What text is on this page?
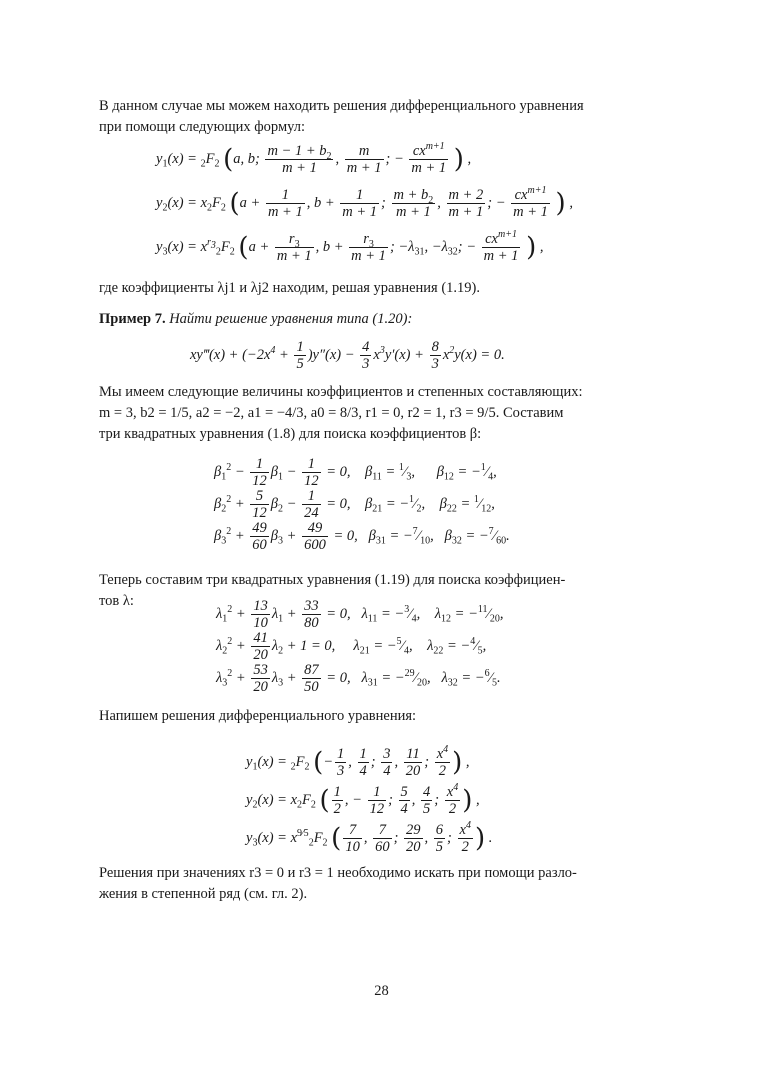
В данном случае мы можем находить решения дифференциального уравнения
при помощи следующих формул:
$y_1(x) = _2F_2$ (a, b; $\frac{m - 1 + b_2}{m + 1}$ , $\frac{m}{m + 1}$ ; − $\frac{cx^{m+1}}{m + 1}$ ) ,
$y_2(x) = x_2F_2$ ($a + \frac{1}{m + 1}$ , $b + \frac{1}{m + 1}$ ; $\frac{m + b_2}{m + 1}$ , $\frac{m + 2}{m + 1}$ ; − $\frac{cx^{m+1}}{m + 1}$ ) ,
$y_3(x) = x^{r_3}_2F_2$ ($a + \frac{r_3}{m + 1}$ , $b + \frac{r_3}{m + 1}$ ; $-\lambda_{31}$, $-\lambda_{32}$; − $\frac{cx^{m+1}}{m + 1}$ ) ,
где коэффициенты λj1 и λj2 находим, решая уравнения (1.19).
Пример 7. Найти решение уравнения типа (1.20):
xy‴(x) + $(-2x^4 + \frac{1}{5} )y''(x) - \frac{4}{3} x^3y'(x) + \frac{8}{3} x^2y(x) = 0$.
Мы имеем следующие величины коэффициентов и степенных составляющих:
m = 3, b2 = 1/5, a2 = −2, a1 = −4/3, a0 = 8/3, r1 = 0, r2 = 1, r3 = 9/5. Составим
три квадратных уравнения (1.8) для поиска коэффициентов β:
$\beta_1^2 - \frac{1}{12} \beta_1 - \frac{1}{12} = 0$,    $\beta_{11}$ = $^1⁄_3$,      $\beta_{12}$ = $-^1⁄_4$,
$\beta_2^2 + \frac{5}{12} \beta_2 - \frac{1}{24} = 0$,    $\beta_{21}$ = $-^1⁄_2$,    $\beta_{22}$ = $^1⁄_{12}$,
$\beta_3^2 + \frac{49}{60} \beta_3 + \frac{49}{600} = 0$,   $\beta_{31}$ = $-^7⁄_{10}$,   $\beta_{32}$ = $-^7⁄_{60}$.
Теперь составим три квадратных уравнения (1.19) для поиска коэффициен-
тов λ:
$\lambda_1^2 + \frac{13}{10} \lambda_1 + \frac{33}{80} = 0$,   $\lambda_{11}$ = $-^3⁄_4$,    $\lambda_{12}$ = $-^{11}⁄_{20}$,
$\lambda_2^2 + \frac{41}{20} \lambda_2 + 1 = 0$,     $\lambda_{21}$ = $-^5⁄_4$,    $\lambda_{22}$ = $-^4⁄_5$,
$\lambda_3^2 + \frac{53}{20} \lambda_3 + \frac{87}{50} = 0$,   $\lambda_{31}$ = $-^{29}⁄_{20}$,   $\lambda_{32}$ = $-^6⁄_5$.
Напишем решения дифференциального уравнения:
$y_1(x) = _2F_2$ (− $\frac{1}{3}$ , $\frac{1}{4}$ ; $\frac{3}{4}$ , $\frac{11}{20}$ ; $\frac{x^4}{2}$ ) ,
$y_2(x) = x_2F_2$ ( $\frac{1}{2}$ , − $\frac{1}{12}$ ; $\frac{5}{4}$ , $\frac{4}{5}$ ; $\frac{x^4}{2}$ ) ,
$y_3(x) = x^{9⁄5}_2F_2$ ( $\frac{7}{10}$ , $\frac{7}{60}$ ; $\frac{29}{20}$ , $\frac{6}{5}$ ; $\frac{x^4}{2}$ ) .
Решения при значениях r3 = 0 и r3 = 1 необходимо искать при помощи разло-
жения в степенной ряд (см. гл. 2).
28
